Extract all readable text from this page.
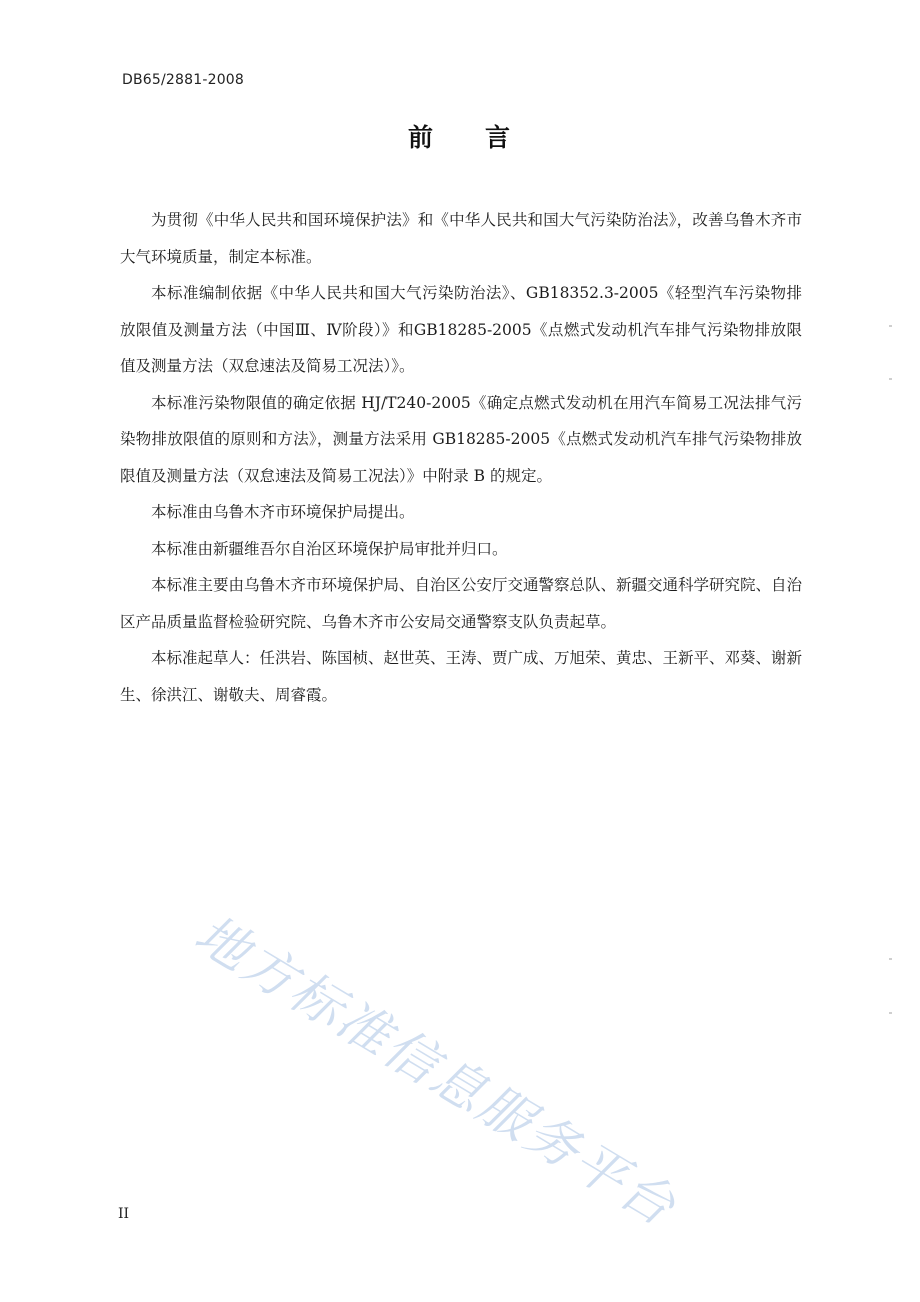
DB65/2881-2008
前 言

为贯彻《中华人民共和国环境保护法》和《中华人民共和国大气污染防治法》，改善乌鲁木齐市大气环境质量，制定本标准。

本标准编制依据《中华人民共和国大气污染防治法》、GB18352.3-2005《轻型汽车污染物排放限值及测量方法（中国Ⅲ、Ⅳ阶段）》和GB18285-2005《点燃式发动机汽车排气污染物排放限值及测量方法（双怠速法及简易工况法）》。

本标准污染物限值的确定依据 HJ/T240-2005《确定点燃式发动机在用汽车简易工况法排气污染物排放限值的原则和方法》，测量方法采用 GB18285-2005《点燃式发动机汽车排气污染物排放限值及测量方法（双怠速法及简易工况法）》中附录 B 的规定。

本标准由乌鲁木齐市环境保护局提出。

本标准由新疆维吾尔自治区环境保护局审批并归口。

本标准主要由乌鲁木齐市环境保护局、自治区公安厅交通警察总队、新疆交通科学研究院、自治区产品质量监督检验研究院、乌鲁木齐市公安局交通警察支队负责起草。

本标准起草人：任洪岩、陈国桢、赵世英、王涛、贾广成、万旭荣、黄忠、王新平、邓葵、谢新生、徐洪江、谢敬夫、周睿霞。

地方标准信息服务平台
II
